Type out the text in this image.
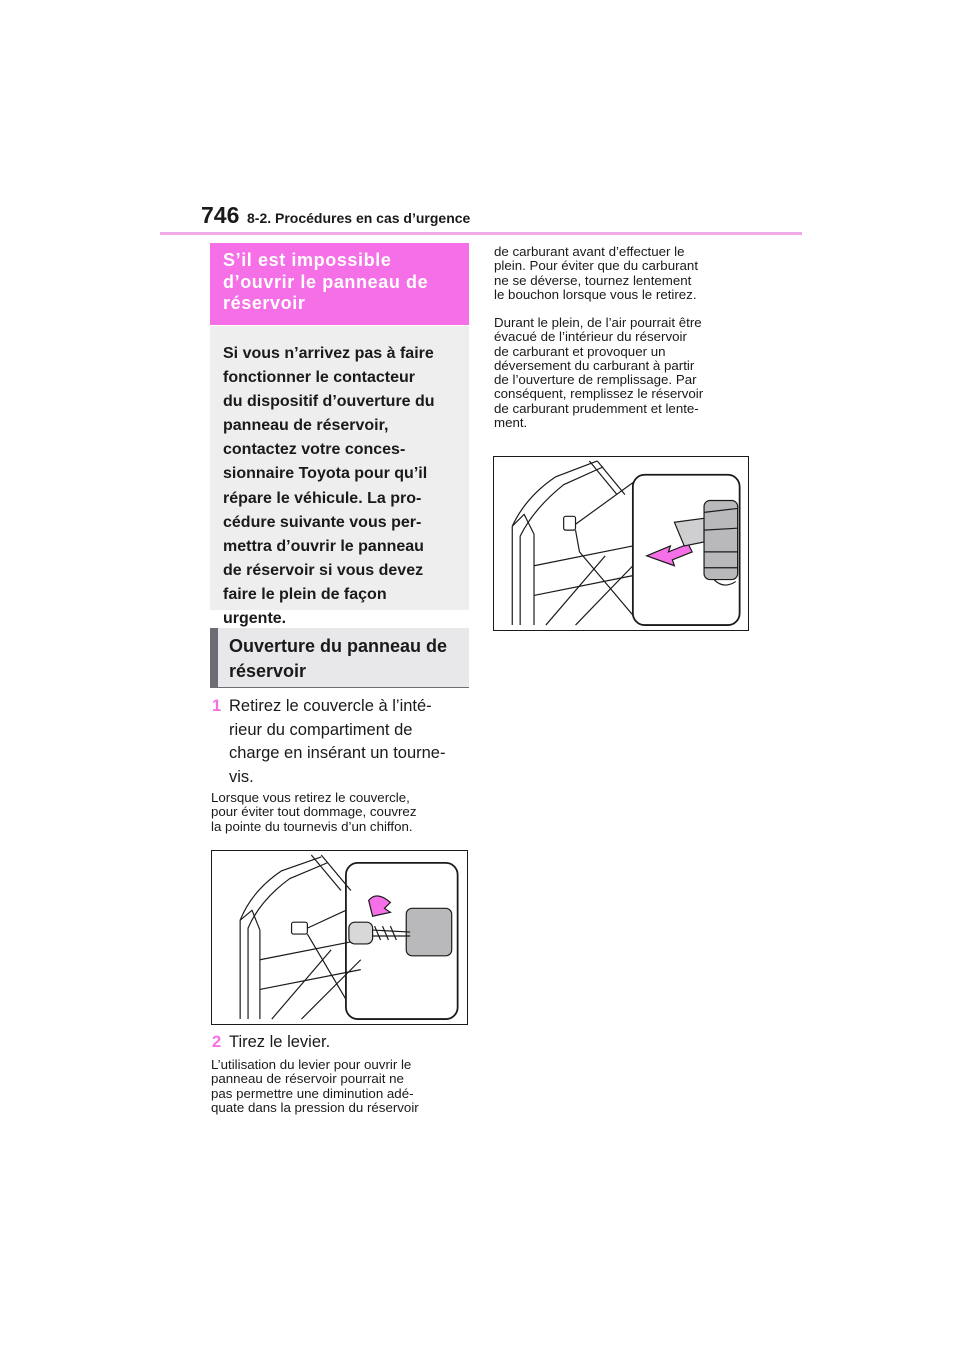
746 8-2. Procédures en cas d’urgence
S’il est impossible
d’ouvrir le panneau de
réservoir

Si vous n’arrivez pas à faire
fonctionner le contacteur
du dispositif d’ouverture du
panneau de réservoir,
contactez votre conces-
sionnaire Toyota pour qu’il
répare le véhicule. La pro-
cédure suivante vous per-
mettra d’ouvrir le panneau
de réservoir si vous devez
faire le plein de façon
urgente.

Ouverture du panneau de
réservoir
1 Retirez le couvercle à l’inté-
rieur du compartiment de
charge en insérant un tourne-
vis.
Lorsque vous retirez le couvercle,
pour éviter tout dommage, couvrez
la pointe du tournevis d’un chiffon.
2 Tirez le levier.
L’utilisation du levier pour ouvrir le
panneau de réservoir pourrait ne
pas permettre une diminution adé-
quate dans la pression du réservoir
de carburant avant d’effectuer le
plein. Pour éviter que du carburant
ne se déverse, tournez lentement
le bouchon lorsque vous le retirez.
Durant le plein, de l’air pourrait être
évacué de l’intérieur du réservoir
de carburant et provoquer un
déversement du carburant à partir
de l’ouverture de remplissage. Par
conséquent, remplissez le réservoir
de carburant prudemment et lente-
ment.
